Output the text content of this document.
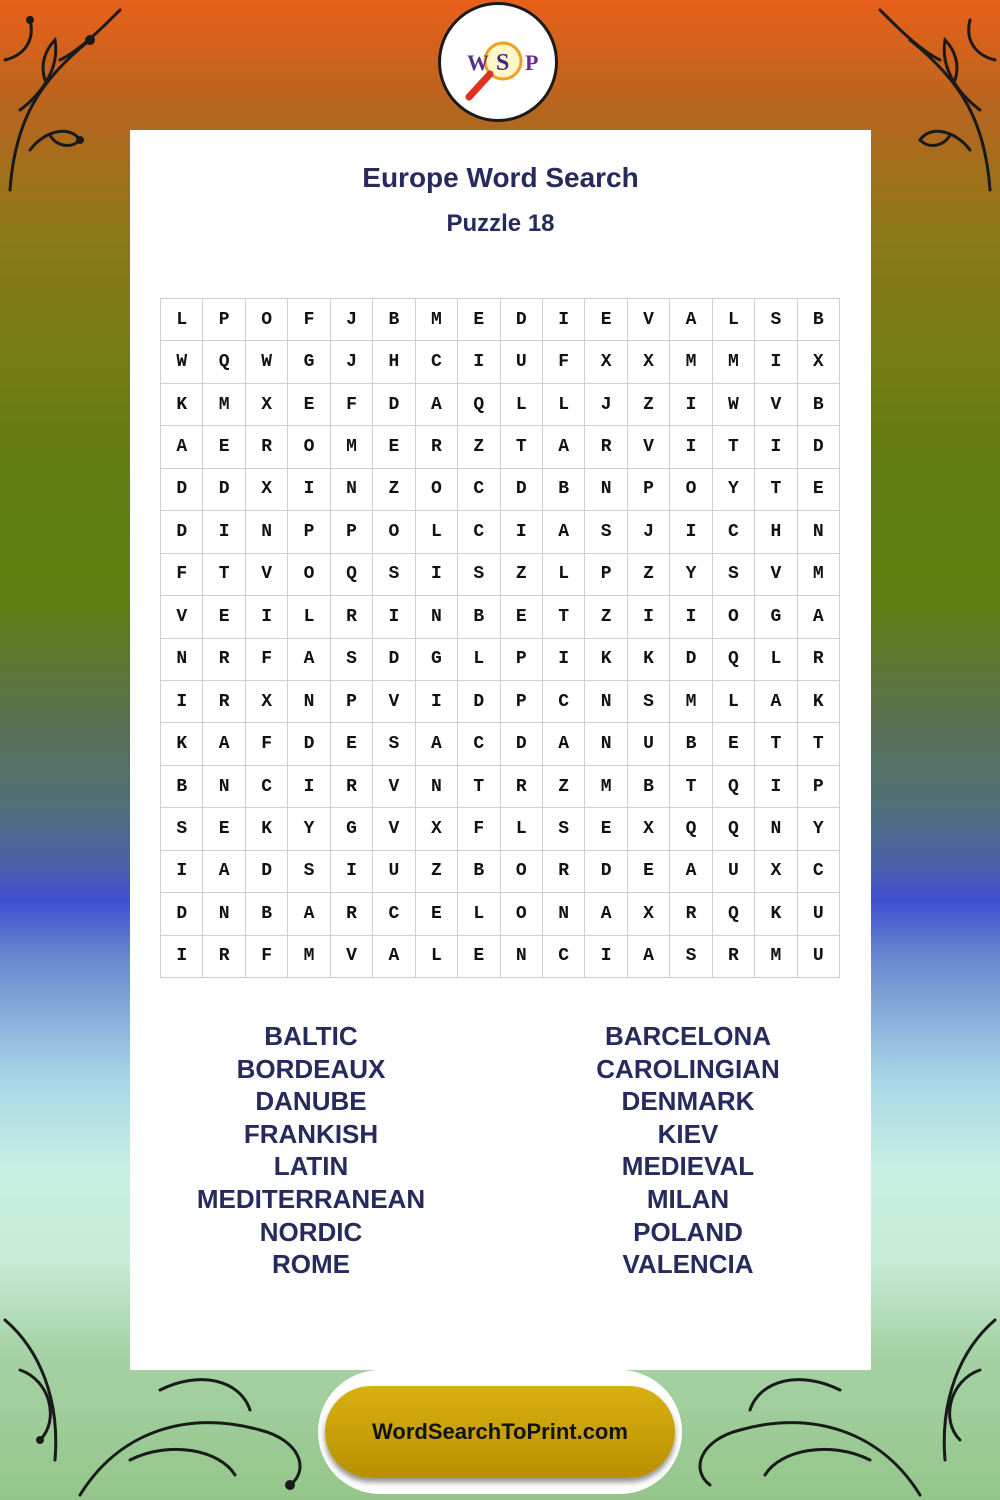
W S P
Europe Word Search
Puzzle 18
L	P	O	F	J	B	M	E	D	I	E	V	A	L	S	B
W	Q	W	G	J	H	C	I	U	F	X	X	M	M	I	X
K	M	X	E	F	D	A	Q	L	L	J	Z	I	W	V	B
A	E	R	O	M	E	R	Z	T	A	R	V	I	T	I	D
D	D	X	I	N	Z	O	C	D	B	N	P	O	Y	T	E
D	I	N	P	P	O	L	C	I	A	S	J	I	C	H	N
F	T	V	O	Q	S	I	S	Z	L	P	Z	Y	S	V	M
V	E	I	L	R	I	N	B	E	T	Z	I	I	O	G	A
N	R	F	A	S	D	G	L	P	I	K	K	D	Q	L	R
I	R	X	N	P	V	I	D	P	C	N	S	M	L	A	K
K	A	F	D	E	S	A	C	D	A	N	U	B	E	T	T
B	N	C	I	R	V	N	T	R	Z	M	B	T	Q	I	P
S	E	K	Y	G	V	X	F	L	S	E	X	Q	Q	N	Y
I	A	D	S	I	U	Z	B	O	R	D	E	A	U	X	C
D	N	B	A	R	C	E	L	O	N	A	X	R	Q	K	U
I	R	F	M	V	A	L	E	N	C	I	A	S	R	M	U
BALTIC
BORDEAUX
DANUBE
FRANKISH
LATIN
MEDITERRANEAN
NORDIC
ROME
BARCELONA
CAROLINGIAN
DENMARK
KIEV
MEDIEVAL
MILAN
POLAND
VALENCIA
WordSearchToPrint.com
